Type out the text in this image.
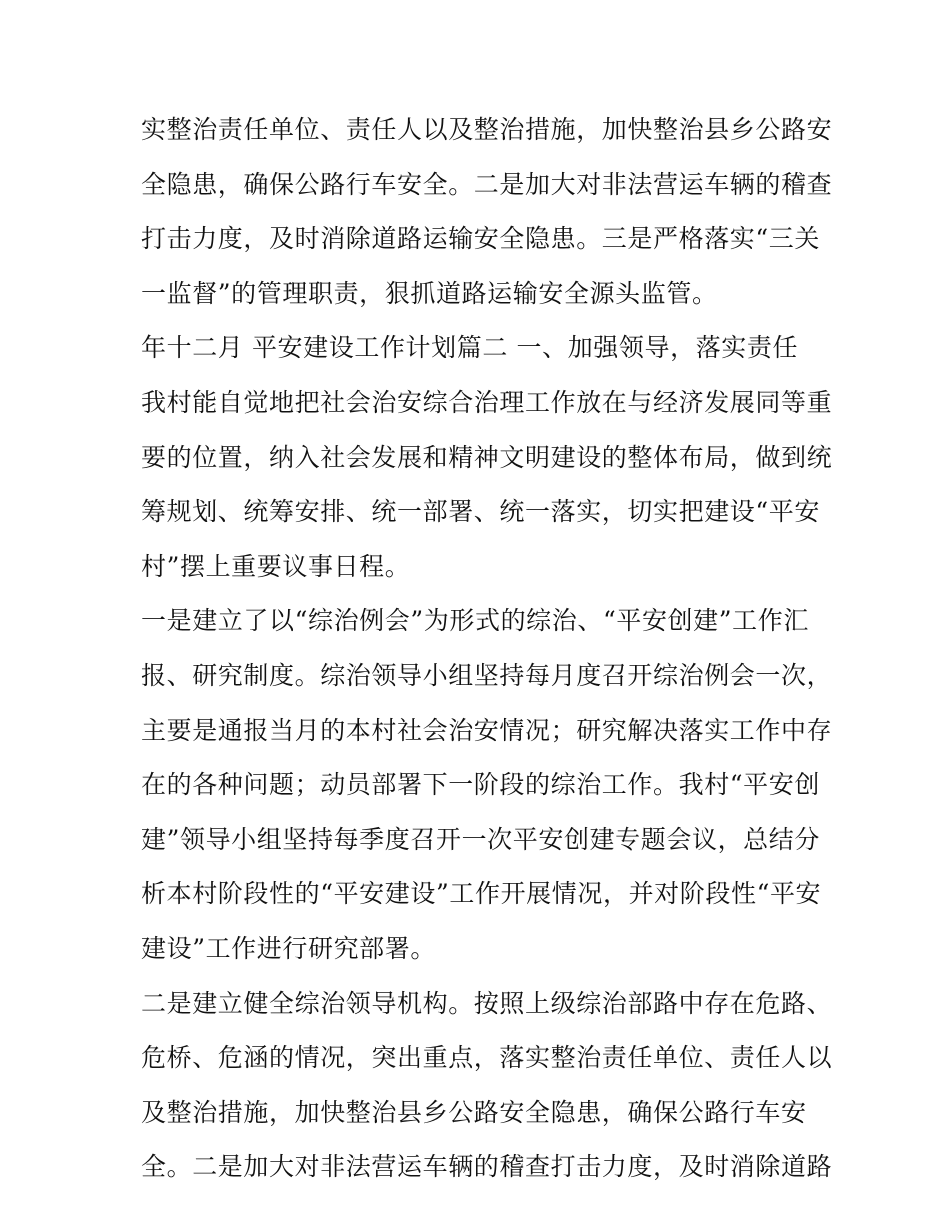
实整治责任单位、责任人以及整治措施，加快整治县乡公路安
全隐患，确保公路行车安全。二是加大对非法营运车辆的稽查
打击力度，及时消除道路运输安全隐患。三是严格落实“三关
一监督”的管理职责，狠抓道路运输安全源头监管。
年十二月 平安建设工作计划篇二 一、加强领导，落实责任
我村能自觉地把社会治安综合治理工作放在与经济发展同等重
要的位置，纳入社会发展和精神文明建设的整体布局，做到统
筹规划、统筹安排、统一部署、统一落实，切实把建设“平安
村”摆上重要议事日程。
一是建立了以“综治例会”为形式的综治、“平安创建”工作汇
报、研究制度。综治领导小组坚持每月度召开综治例会一次，
主要是通报当月的本村社会治安情况；研究解决落实工作中存
在的各种问题；动员部署下一阶段的综治工作。我村“平安创
建”领导小组坚持每季度召开一次平安创建专题会议，总结分
析本村阶段性的“平安建设”工作开展情况，并对阶段性“平安
建设”工作进行研究部署。
二是建立健全综治领导机构。按照上级综治部路中存在危路、
危桥、危涵的情况，突出重点，落实整治责任单位、责任人以
及整治措施，加快整治县乡公路安全隐患，确保公路行车安
全。二是加大对非法营运车辆的稽查打击力度，及时消除道路
